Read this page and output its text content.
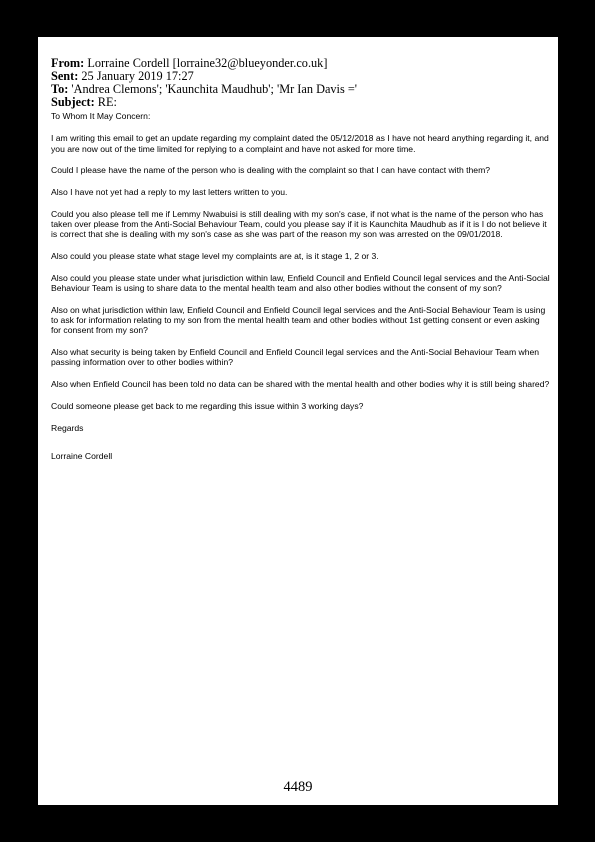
From: Lorraine Cordell [lorraine32@blueyonder.co.uk]
Sent: 25 January 2019 17:27
To: 'Andrea Clemons'; 'Kaunchita Maudhub'; 'Mr Ian Davis ='
Subject: RE:

To Whom It May Concern:

I am writing this email to get an update regarding my complaint dated the 05/12/2018 as I have not heard anything regarding it, and you are now out of the time limited for replying to a complaint and have not asked for more time.

Could I please have the name of the person who is dealing with the complaint so that I can have contact with them?

Also I have not yet had a reply to my last letters written to you.

Could you also please tell me if Lemmy Nwabuisi is still dealing with my son's case, if not what is the name of the person who has taken over please from the Anti-Social Behaviour Team, could you please say if it is Kaunchita Maudhub as if it is I do not believe it is correct that she is dealing with my son's case as she was part of the reason my son was arrested on the 09/01/2018.

Also could you please state what stage level my complaints are at, is it stage 1, 2 or 3.

Also could you please state under what jurisdiction within law, Enfield Council and Enfield Council legal services and the Anti-Social Behaviour Team is using to share data to the mental health team and also other bodies without the consent of my son?

Also on what jurisdiction within law, Enfield Council and Enfield Council legal services and the Anti-Social Behaviour Team is using to ask for information relating to my son from the mental health team and other bodies without 1st getting consent or even asking for consent from my son?

Also what security is being taken by Enfield Council and Enfield Council legal services and the Anti-Social Behaviour Team when passing information over to other bodies within?

Also when Enfield Council has been told no data can be shared with the mental health and other bodies why it is still being shared?

Could someone please get back to me regarding this issue within 3 working days?

Regards

Lorraine Cordell

4489
